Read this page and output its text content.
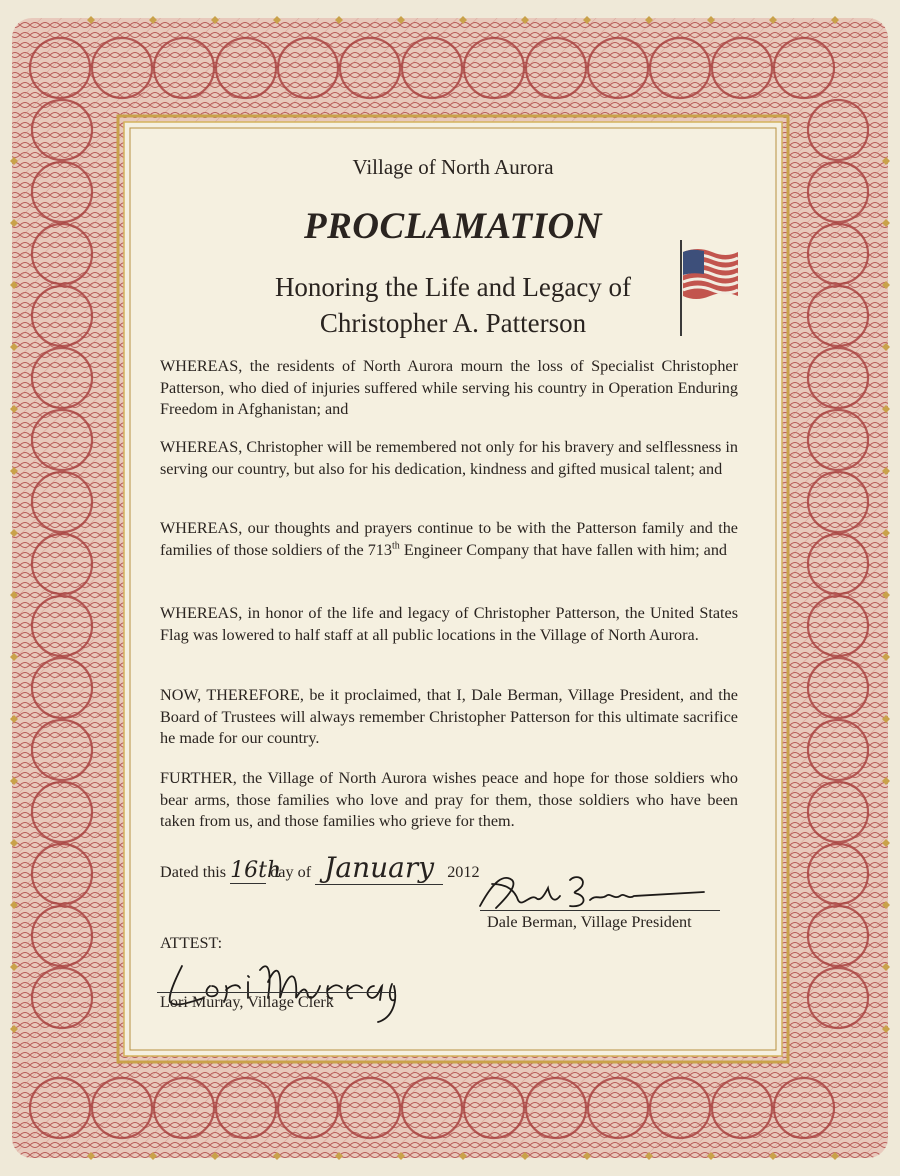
Village of North Aurora

PROCLAMATION

Honoring the Life and Legacy of

Christopher A. Patterson

WHEREAS, the residents of North Aurora mourn the loss of Specialist Christopher Patterson, who died of injuries suffered while serving his country in Operation Enduring Freedom in Afghanistan; and

WHEREAS, Christopher will be remembered not only for his bravery and selflessness in serving our country, but also for his dedication, kindness and gifted musical talent; and

WHEREAS, our thoughts and prayers continue to be with the Patterson family and the families of those soldiers of the 713th Engineer Company that have fallen with him; and

WHEREAS, in honor of the life and legacy of Christopher Patterson, the United States Flag was lowered to half staff at all public locations in the Village of North Aurora.

NOW, THEREFORE, be it proclaimed, that I, Dale Berman, Village President, and the Board of Trustees will always remember Christopher Patterson for this ultimate sacrifice he made for our country.

FURTHER, the Village of North Aurora wishes peace and hope for those soldiers who bear arms, those families who love and pray for them, those soldiers who have been taken from us, and those families who grieve for them.

Dated this 16th day of January 2012
Dale Berman, Village President
ATTEST:
Lori Murray, Village Clerk
